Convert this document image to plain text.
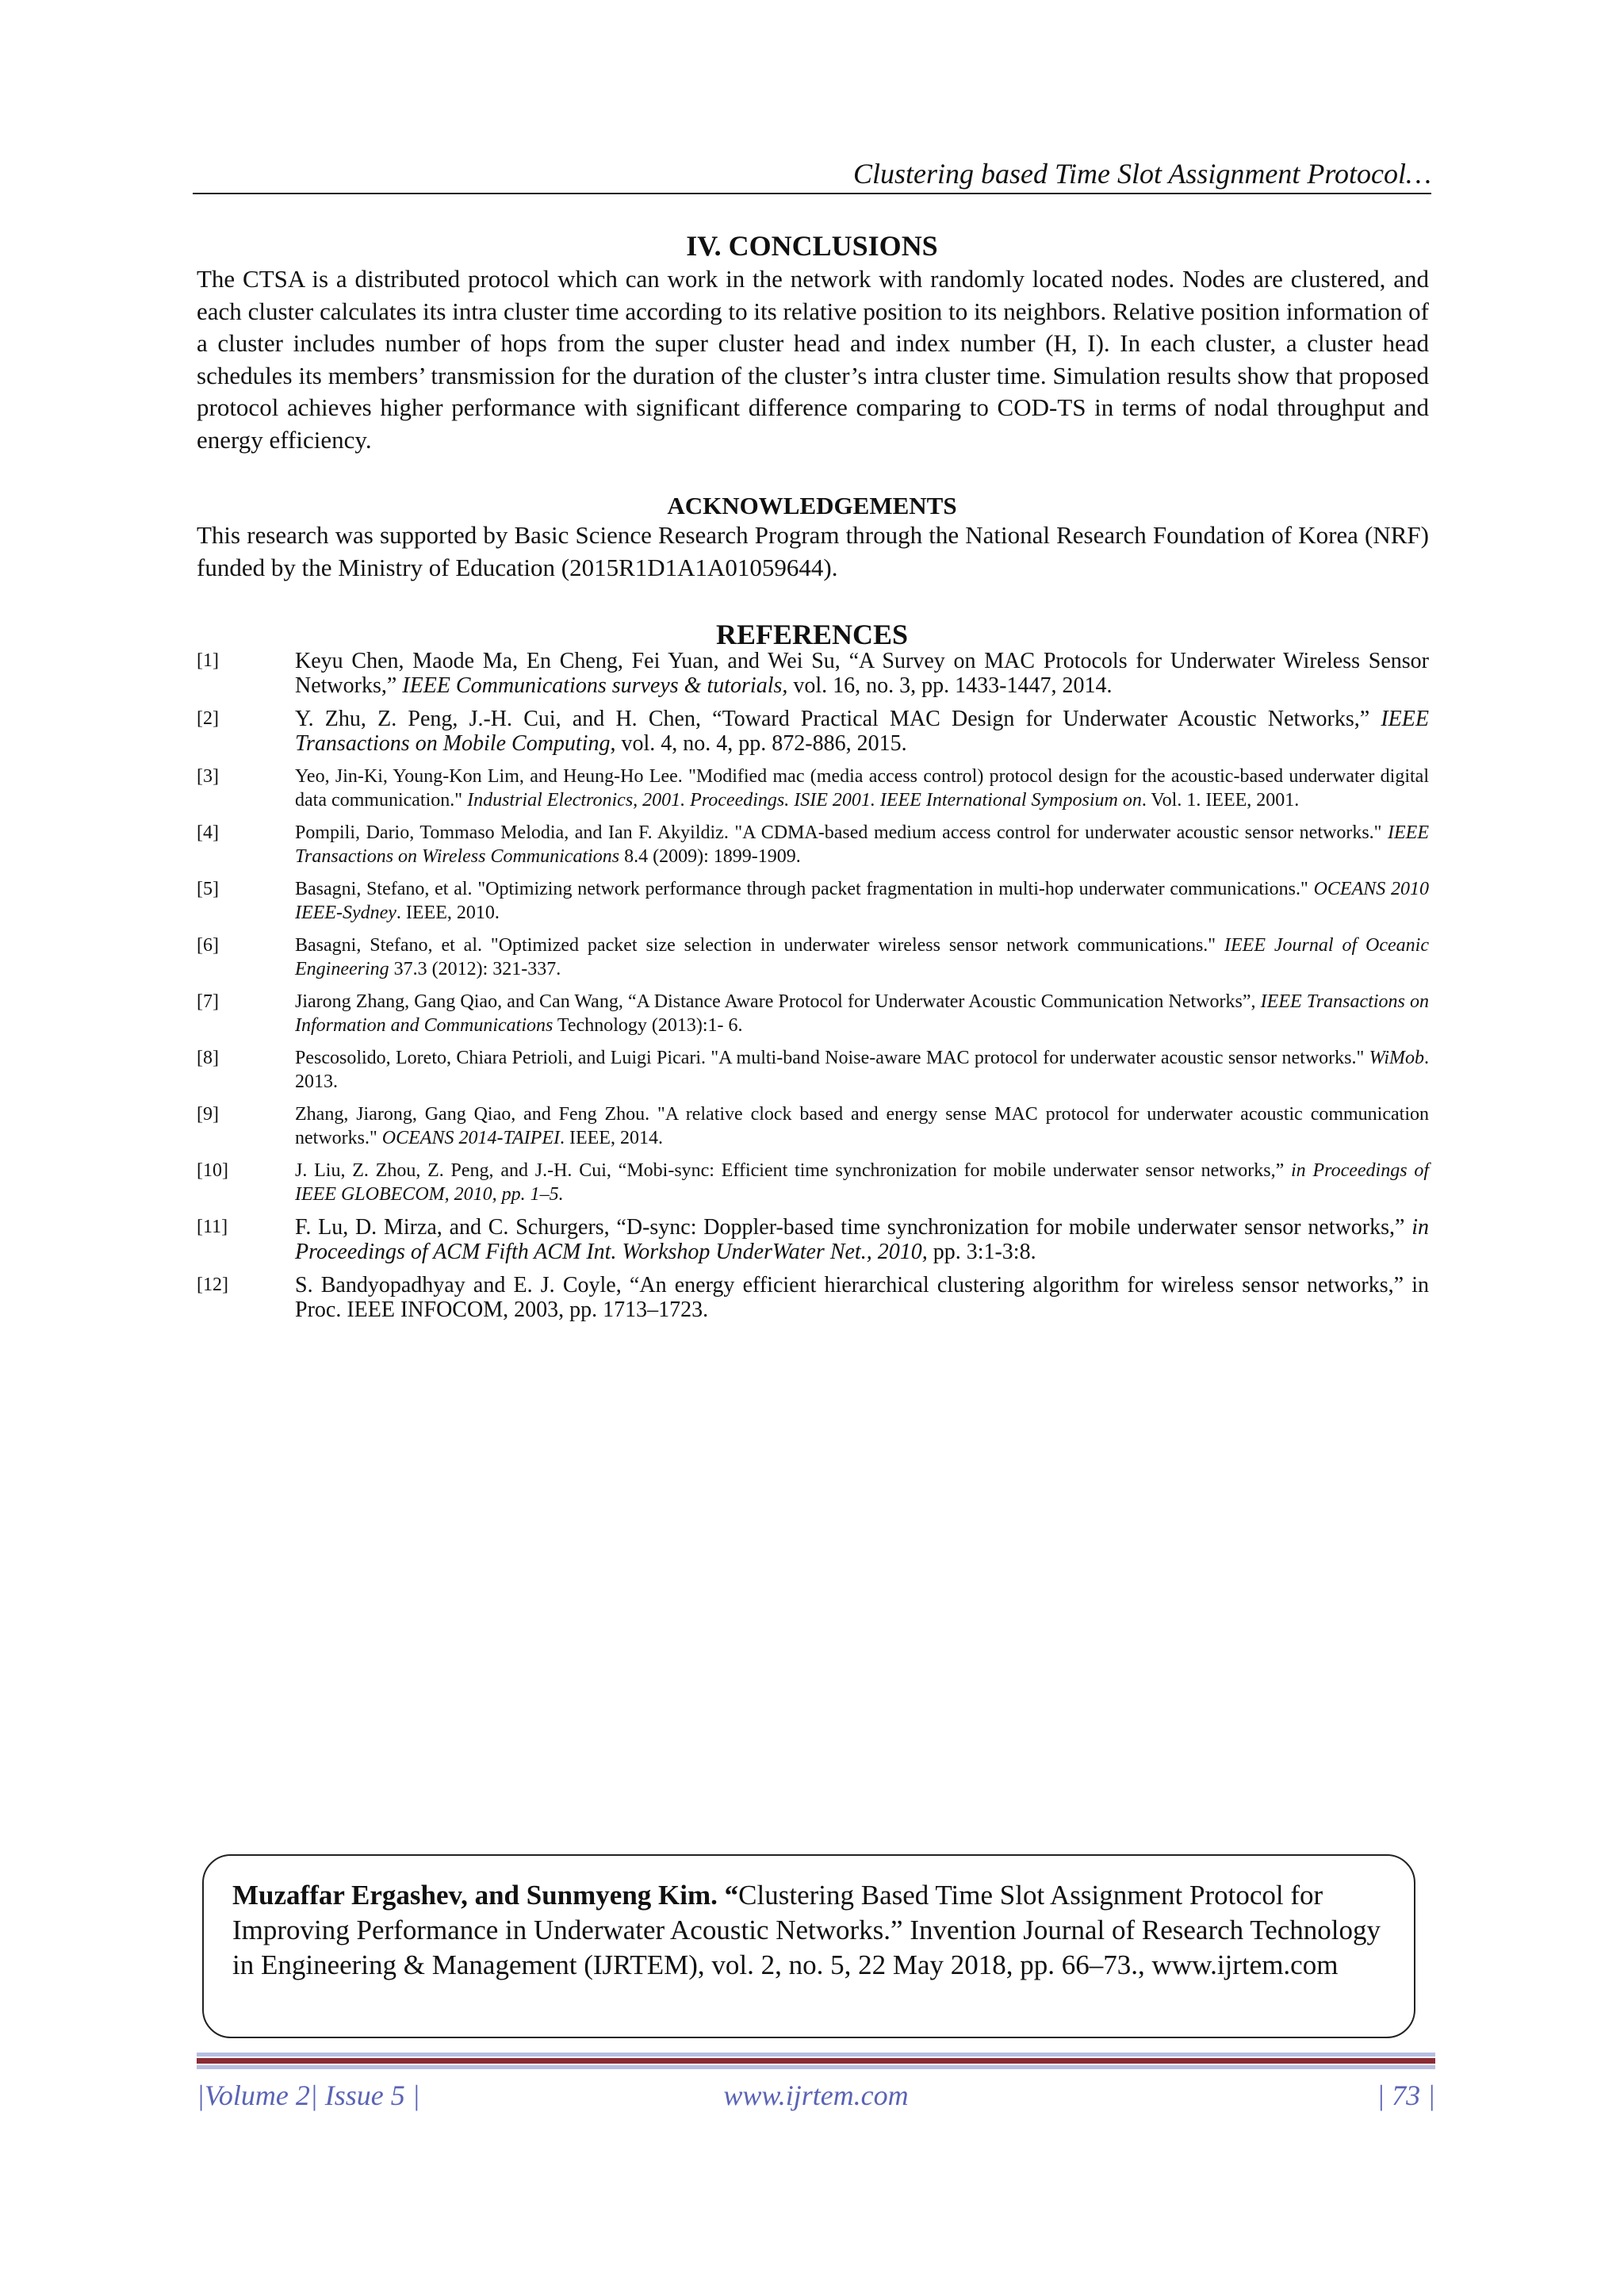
Clustering based Time Slot Assignment Protocol…
IV. CONCLUSIONS
The CTSA is a distributed protocol which can work in the network with randomly located nodes. Nodes are clustered, and each cluster calculates its intra cluster time according to its relative position to its neighbors. Relative position information of a cluster includes number of hops from the super cluster head and index number (H, I). In each cluster, a cluster head schedules its members’ transmission for the duration of the cluster’s intra cluster time. Simulation results show that proposed protocol achieves higher performance with significant difference comparing to COD-TS in terms of nodal throughput and energy efficiency.
ACKNOWLEDGEMENTS
This research was supported by Basic Science Research Program through the National Research Foundation of Korea (NRF) funded by the Ministry of Education (2015R1D1A1A01059644).
REFERENCES
[1]	Keyu Chen, Maode Ma, En Cheng, Fei Yuan, and Wei Su, “A Survey on MAC Protocols for Underwater Wireless Sensor Networks,” IEEE Communications surveys & tutorials, vol. 16, no. 3, pp. 1433-1447, 2014.
[2]	Y. Zhu, Z. Peng, J.-H. Cui, and H. Chen, “Toward Practical MAC Design for Underwater Acoustic Networks,” IEEE Transactions on Mobile Computing, vol. 4, no. 4, pp. 872-886, 2015.
[3]	Yeo, Jin-Ki, Young-Kon Lim, and Heung-Ho Lee. "Modified mac (media access control) protocol design for the acoustic-based underwater digital data communication." Industrial Electronics, 2001. Proceedings. ISIE 2001. IEEE International Symposium on. Vol. 1. IEEE, 2001.
[4]	Pompili, Dario, Tommaso Melodia, and Ian F. Akyildiz. "A CDMA-based medium access control for underwater acoustic sensor networks." IEEE Transactions on Wireless Communications 8.4 (2009): 1899-1909.
[5]	Basagni, Stefano, et al. "Optimizing network performance through packet fragmentation in multi-hop underwater communications." OCEANS 2010 IEEE-Sydney. IEEE, 2010.
[6]	Basagni, Stefano, et al. "Optimized packet size selection in underwater wireless sensor network communications." IEEE Journal of Oceanic Engineering 37.3 (2012): 321-337.
[7]	Jiarong Zhang, Gang Qiao, and Can Wang, “A Distance Aware Protocol for Underwater Acoustic Communication Networks”, IEEE Transactions on Information and Communications Technology (2013):1- 6.
[8]	Pescosolido, Loreto, Chiara Petrioli, and Luigi Picari. "A multi-band Noise-aware MAC protocol for underwater acoustic sensor networks." WiMob. 2013.
[9]	Zhang, Jiarong, Gang Qiao, and Feng Zhou. "A relative clock based and energy sense MAC protocol for underwater acoustic communication networks." OCEANS 2014-TAIPEI. IEEE, 2014.
[10]	J. Liu, Z. Zhou, Z. Peng, and J.-H. Cui, “Mobi-sync: Efficient time synchronization for mobile underwater sensor networks,” in Proceedings of IEEE GLOBECOM, 2010, pp. 1–5.
[11]	F. Lu, D. Mirza, and C. Schurgers, “D-sync: Doppler-based time synchronization for mobile underwater sensor networks,” in Proceedings of ACM Fifth ACM Int. Workshop UnderWater Net., 2010, pp. 3:1-3:8.
[12]	S. Bandyopadhyay and E. J. Coyle, “An energy efficient hierarchical clustering algorithm for wireless sensor networks,” in Proc. IEEE INFOCOM, 2003, pp. 1713–1723.
Muzaffar Ergashev, and Sunmyeng Kim. “Clustering Based Time Slot Assignment Protocol for Improving Performance in Underwater Acoustic Networks.” Invention Journal of Research Technology in Engineering & Management (IJRTEM), vol. 2, no. 5, 22 May 2018, pp. 66–73., www.ijrtem.com
|Volume 2| Issue 5 |	www.ijrtem.com	| 73 |
